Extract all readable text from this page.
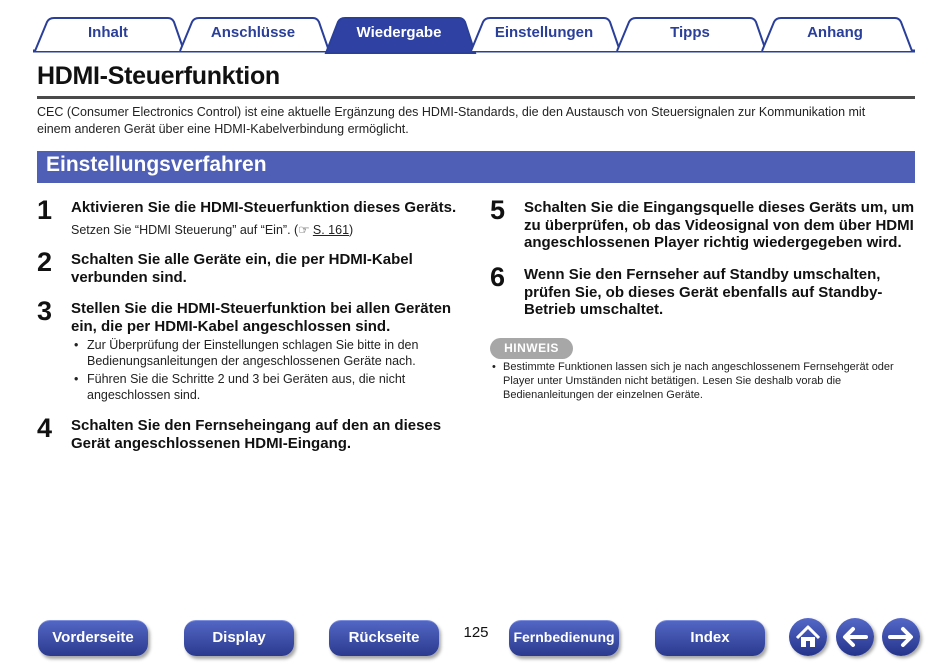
Inhalt	Anschlüsse	Wiedergabe	Einstellungen	Tipps	Anhang
HDMI-Steuerfunktion
CEC (Consumer Electronics Control) ist eine aktuelle Ergänzung des HDMI-Standards, die den Austausch von Steuersignalen zur Kommunikation mit
einem anderen Gerät über eine HDMI-Kabelverbindung ermöglicht.
Einstellungsverfahren
1 Aktivieren Sie die HDMI-Steuerfunktion dieses Geräts.
Setzen Sie “HDMI Steuerung” auf “Ein”. (☞ S. 161)
2 Schalten Sie alle Geräte ein, die per HDMI-Kabel
verbunden sind.
3 Stellen Sie die HDMI-Steuerfunktion bei allen Geräten
ein, die per HDMI-Kabel angeschlossen sind.
• Zur Überprüfung der Einstellungen schlagen Sie bitte in den
Bedienungsanleitungen der angeschlossenen Geräte nach.
• Führen Sie die Schritte 2 und 3 bei Geräten aus, die nicht
angeschlossen sind.
4 Schalten Sie den Fernseheingang auf den an dieses
Gerät angeschlossenen HDMI-Eingang.
5 Schalten Sie die Eingangsquelle dieses Geräts um, um
zu überprüfen, ob das Videosignal von dem über HDMI
angeschlossenen Player richtig wiedergegeben wird.
6 Wenn Sie den Fernseher auf Standby umschalten,
prüfen Sie, ob dieses Gerät ebenfalls auf Standby-
Betrieb umschaltet.
HINWEIS
• Bestimmte Funktionen lassen sich je nach angeschlossenem Fernsehgerät oder
Player unter Umständen nicht betätigen. Lesen Sie deshalb vorab die
Bedienanleitungen der einzelnen Geräte.
Vorderseite	Display	Rückseite	125	Fernbedienung	Index
